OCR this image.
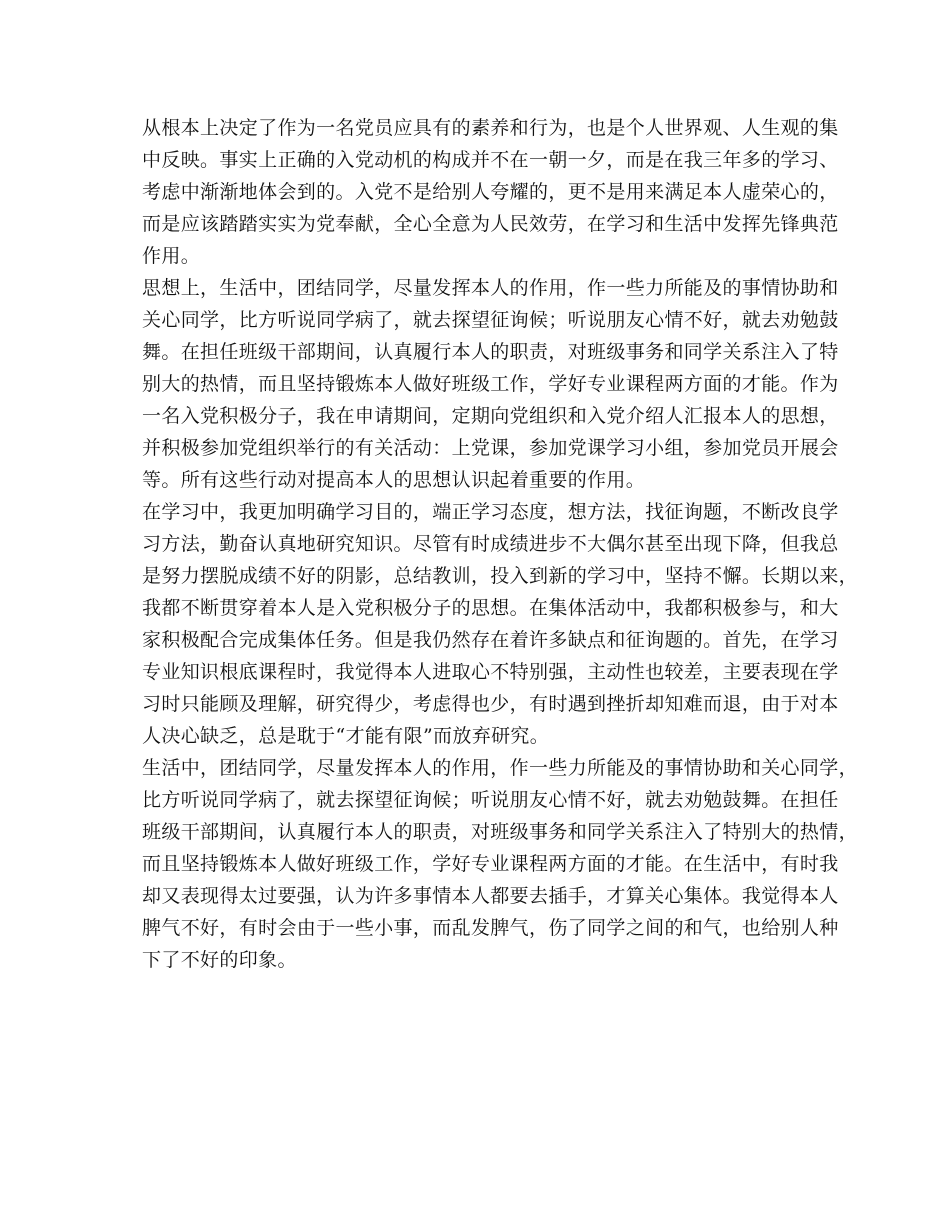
从根本上决定了作为一名党员应具有的素养和行为，也是个人世界观、人生观的集
中反映。事实上正确的入党动机的构成并不在一朝一夕，而是在我三年多的学习、
考虑中渐渐地体会到的。入党不是给别人夸耀的，更不是用来满足本人虚荣心的，
而是应该踏踏实实为党奉献，全心全意为人民效劳，在学习和生活中发挥先锋典范
作用。
思想上，生活中，团结同学，尽量发挥本人的作用，作一些力所能及的事情协助和
关心同学，比方听说同学病了，就去探望征询候；听说朋友心情不好，就去劝勉鼓
舞。在担任班级干部期间，认真履行本人的职责，对班级事务和同学关系注入了特
别大的热情，而且坚持锻炼本人做好班级工作，学好专业课程两方面的才能。作为
一名入党积极分子，我在申请期间，定期向党组织和入党介绍人汇报本人的思想，
并积极参加党组织举行的有关活动：上党课，参加党课学习小组，参加党员开展会
等。所有这些行动对提高本人的思想认识起着重要的作用。
在学习中，我更加明确学习目的，端正学习态度，想方法，找征询题，不断改良学
习方法，勤奋认真地研究知识。尽管有时成绩进步不大偶尔甚至出现下降，但我总
是努力摆脱成绩不好的阴影，总结教训，投入到新的学习中，坚持不懈。长期以来，
我都不断贯穿着本人是入党积极分子的思想。在集体活动中，我都积极参与，和大
家积极配合完成集体任务。但是我仍然存在着许多缺点和征询题的。首先，在学习
专业知识根底课程时，我觉得本人进取心不特别强，主动性也较差，主要表现在学
习时只能顾及理解，研究得少，考虑得也少，有时遇到挫折却知难而退，由于对本
人决心缺乏，总是耽于“才能有限”而放弃研究。
生活中，团结同学，尽量发挥本人的作用，作一些力所能及的事情协助和关心同学，
比方听说同学病了，就去探望征询候；听说朋友心情不好，就去劝勉鼓舞。在担任
班级干部期间，认真履行本人的职责，对班级事务和同学关系注入了特别大的热情，
而且坚持锻炼本人做好班级工作，学好专业课程两方面的才能。在生活中，有时我
却又表现得太过要强，认为许多事情本人都要去插手，才算关心集体。我觉得本人
脾气不好，有时会由于一些小事，而乱发脾气，伤了同学之间的和气，也给别人种
下了不好的印象。
